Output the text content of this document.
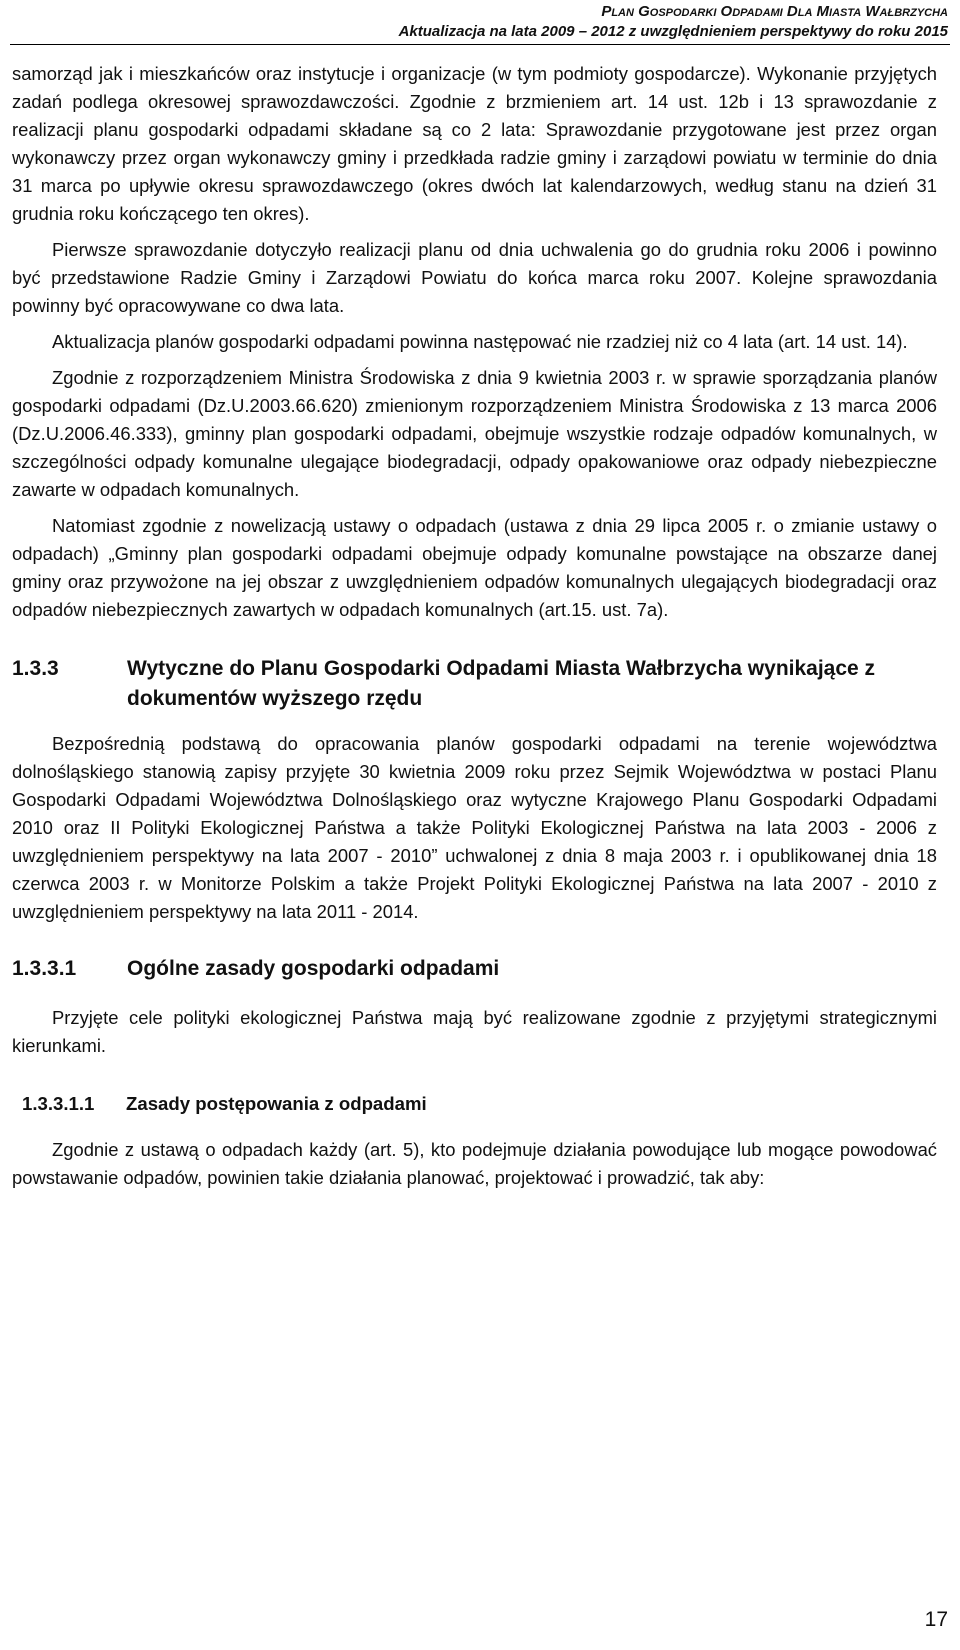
Plan Gospodarki Odpadami Dla Miasta Wałbrzycha
Aktualizacja na lata 2009 – 2012 z uwzględnieniem perspektywy do roku 2015

samorząd jak i mieszkańców oraz instytucje i organizacje (w tym podmioty gospodarcze). Wykonanie przyjętych zadań podlega okresowej sprawozdawczości. Zgodnie z brzmieniem art. 14 ust. 12b i 13 sprawozdanie z realizacji planu gospodarki odpadami składane są co 2 lata: Sprawozdanie przygotowane jest przez organ wykonawczy przez organ wykonawczy gminy i przedkłada radzie gminy i zarządowi powiatu w terminie do dnia 31 marca po upływie okresu sprawozdawczego (okres dwóch lat kalendarzowych, według stanu na dzień 31 grudnia roku kończącego ten okres).

Pierwsze sprawozdanie dotyczyło realizacji planu od dnia uchwalenia go do grudnia roku 2006 i powinno być przedstawione Radzie Gminy i Zarządowi Powiatu do końca marca roku 2007. Kolejne sprawozdania powinny być opracowywane co dwa lata.

Aktualizacja planów gospodarki odpadami powinna następować nie rzadziej niż co 4 lata (art. 14 ust. 14).

Zgodnie z rozporządzeniem Ministra Środowiska z dnia 9 kwietnia 2003 r. w sprawie sporządzania planów gospodarki odpadami (Dz.U.2003.66.620) zmienionym rozporządzeniem Ministra Środowiska z 13 marca 2006 (Dz.U.2006.46.333), gminny plan gospodarki odpadami, obejmuje wszystkie rodzaje odpadów komunalnych, w szczególności odpady komunalne ulegające biodegradacji, odpady opakowaniowe oraz odpady niebezpieczne zawarte w odpadach komunalnych.

Natomiast zgodnie z nowelizacją ustawy o odpadach (ustawa z dnia 29 lipca 2005 r. o zmianie ustawy o odpadach) „Gminny plan gospodarki odpadami obejmuje odpady komunalne powstające na obszarze danej gminy oraz przywożone na jej obszar z uwzględnieniem odpadów komunalnych ulegających biodegradacji oraz odpadów niebezpiecznych zawartych w odpadach komunalnych (art.15. ust. 7a).

1.3.3	Wytyczne do Planu Gospodarki Odpadami Miasta Wałbrzycha wynikające z dokumentów wyższego rzędu

Bezpośrednią podstawą do opracowania planów gospodarki odpadami na terenie województwa dolnośląskiego stanowią zapisy przyjęte 30 kwietnia 2009 roku przez Sejmik Województwa w postaci Planu Gospodarki Odpadami Województwa Dolnośląskiego oraz wytyczne Krajowego Planu Gospodarki Odpadami 2010 oraz II Polityki Ekologicznej Państwa a także Polityki Ekologicznej Państwa na lata 2003 - 2006 z uwzględnieniem perspektywy na lata 2007 - 2010” uchwalonej z dnia 8 maja 2003 r. i opublikowanej dnia 18 czerwca 2003 r. w Monitorze Polskim a także Projekt Polityki Ekologicznej Państwa na lata 2007 - 2010 z uwzględnieniem perspektywy na lata 2011 - 2014.

1.3.3.1	Ogólne zasady gospodarki odpadami

Przyjęte cele polityki ekologicznej Państwa mają być realizowane zgodnie z przyjętymi strategicznymi kierunkami.

1.3.3.1.1	Zasady postępowania z odpadami

Zgodnie z ustawą o odpadach każdy (art. 5), kto podejmuje działania powodujące lub mogące powodować powstawanie odpadów, powinien takie działania planować, projektować i prowadzić, tak aby:

17
